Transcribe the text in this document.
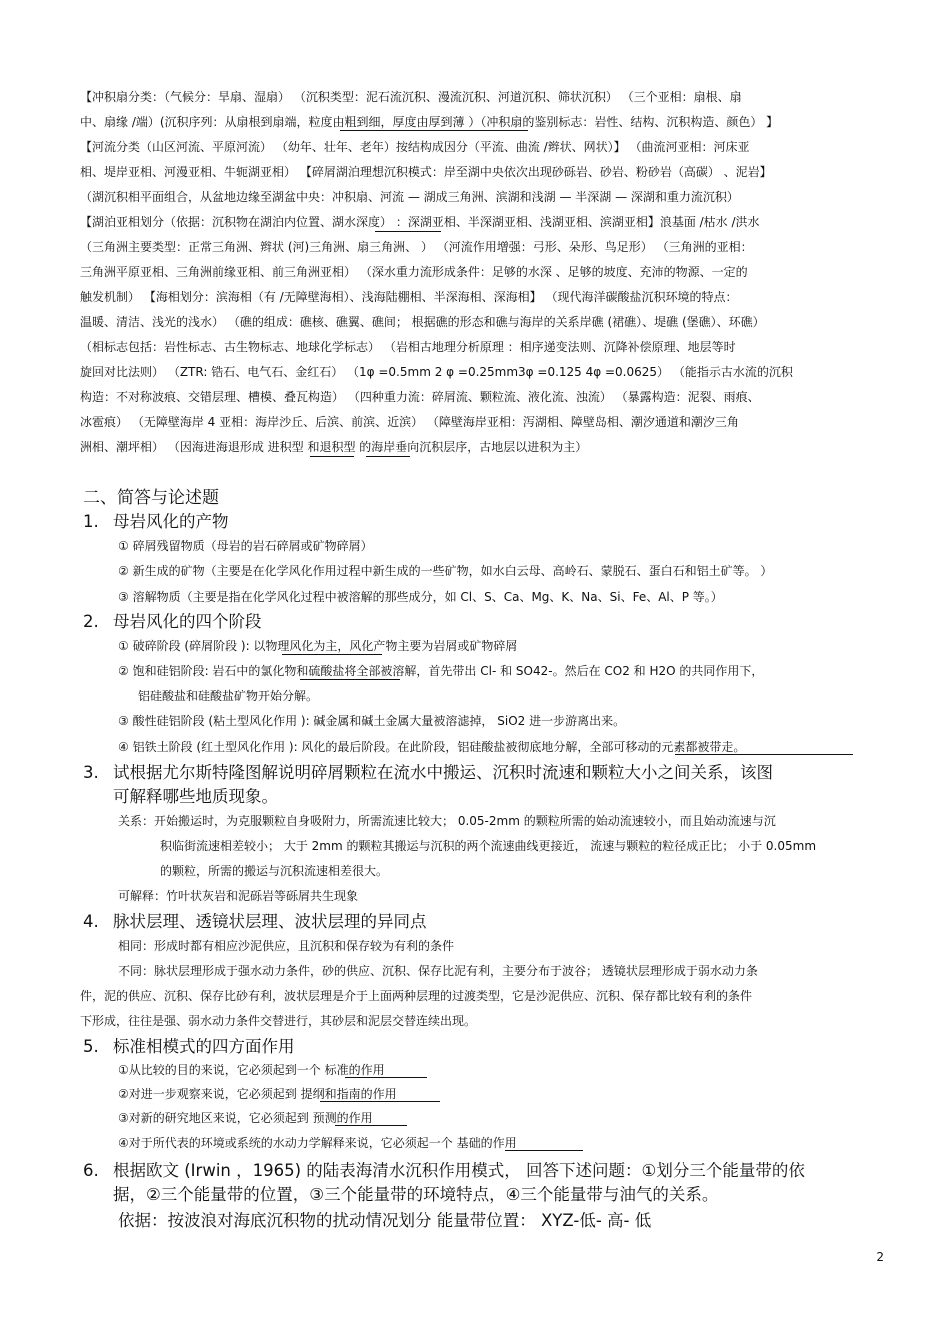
【冲积扇分类：（气候分：旱扇、湿扇） （沉积类型：泥石流沉积、漫流沉积、河道沉积、筛状沉积） （三个亚相：扇根、扇
中、扇缘 /端）(沉积序列：从扇根到扇端，粒度由粗到细，厚度由厚到薄 ）（冲积扇的鉴别标志：岩性、结构、沉积构造、颜色） 】
【河流分类（山区河流、平原河流） （幼年、壮年、老年）按结构成因分（平流、曲流 /辫状、网状）】 （曲流河亚相：河床亚
相、堤岸亚相、河漫亚相、牛轭湖亚相） 【碎屑湖泊理想沉积模式：岸至湖中央依次出现砂砾岩、砂岩、粉砂岩（高碳） 、泥岩】
（湖沉积相平面组合，从盆地边缘至湖盆中央：冲积扇、河流 — 湖成三角洲、滨湖和浅湖 — 半深湖 — 深湖和重力流沉积）
【湖泊亚相划分（依据：沉积物在湖泊内位置、湖水深度） ：深湖亚相、半深湖亚相、浅湖亚相、滨湖亚相】浪基面 /枯水 /洪水
（三角洲主要类型：正常三角洲、辫状 (河)三角洲、扇三角洲、 ） （河流作用增强：弓形、朵形、鸟足形） （三角洲的亚相：
三角洲平原亚相、三角洲前缘亚相、前三角洲亚相） （深水重力流形成条件：足够的水深 、足够的坡度、充沛的物源、一定的
触发机制） 【海相划分：滨海相（有 /无障壁海相）、浅海陆棚相、半深海相、深海相】 （现代海洋碳酸盐沉积环境的特点：
温暖、清洁、浅光的浅水） （礁的组成：礁核、礁翼、礁间； 根据礁的形态和礁与海岸的关系岸礁 (裙礁）、堤礁 (堡礁）、环礁）
（相标志包括：岩性标志、古生物标志、地球化学标志） （岩相古地理分析原理 ：相序递变法则、沉降补偿原理、地层等时
旋回对比法则） （ZTR: 锆石、电气石、金红石） （1φ =0.5mm 2 φ =0.25mm3φ =0.125 4φ =0.0625） （能指示古水流的沉积
构造：不对称波痕、交错层理、槽模、叠瓦构造） （四种重力流：碎屑流、颗粒流、液化流、浊流） （暴露构造：泥裂、雨痕、
冰雹痕） （无障壁海岸 4 亚相：海岸沙丘、后滨、前滨、近滨） （障壁海岸亚相：泻湖相、障壁岛相、潮汐通道和潮汐三角
洲相、潮坪相） （因海进海退形成 进积型 和退积型 的海岸垂向沉积层序，古地层以进积为主）
二、简答与论述题
1. 母岩风化的产物
① 碎屑残留物质（母岩的岩石碎屑或矿物碎屑）
② 新生成的矿物（主要是在化学风化作用过程中新生成的一些矿物，如水白云母、高岭石、蒙脱石、蛋白石和铝土矿等。 ）
③ 溶解物质（主要是指在化学风化过程中被溶解的那些成分，如 Cl、S、Ca、Mg、K、Na、Si、Fe、Al、P 等。）
2. 母岩风化的四个阶段
① 破碎阶段 (碎屑阶段 ): 以物理风化为主，风化产物主要为岩屑或矿物碎屑
② 饱和硅铝阶段: 岩石中的氯化物和硫酸盐将全部被溶解，首先带出 Cl- 和 SO42-。然后在 CO2 和 H2O 的共同作用下，
铝硅酸盐和硅酸盐矿物开始分解。
③ 酸性硅铝阶段 (粘土型风化作用 ): 碱金属和碱土金属大量被溶滤掉， SiO2 进一步游离出来。
④ 铝铁土阶段 (红土型风化作用 ): 风化的最后阶段。在此阶段，铝硅酸盐被彻底地分解，全部可移动的元素都被带走。
3. 试根据尤尔斯特隆图解说明碎屑颗粒在流水中搬运、沉积时流速和颗粒大小之间关系，该图
可解释哪些地质现象。
关系：开始搬运时，为克服颗粒自身吸附力，所需流速比较大； 0.05-2mm 的颗粒所需的始动流速较小，而且始动流速与沉
积临街流速相差较小； 大于 2mm 的颗粒其搬运与沉积的两个流速曲线更接近， 流速与颗粒的粒径成正比； 小于 0.05mm
的颗粒，所需的搬运与沉积流速相差很大。
可解释：竹叶状灰岩和泥砾岩等砾屑共生现象
4. 脉状层理、透镜状层理、波状层理的异同点
相同：形成时都有相应沙泥供应，且沉积和保存较为有利的条件
不同：脉状层理形成于强水动力条件，砂的供应、沉积、保存比泥有利，主要分布于波谷； 透镜状层理形成于弱水动力条
件，泥的供应、沉积、保存比砂有利，波状层理是介于上面两种层理的过渡类型，它是沙泥供应、沉积、保存都比较有利的条件
下形成，往往是强、弱水动力条件交替进行，其砂层和泥层交替连续出现。
5. 标准相模式的四方面作用
①从比较的目的来说，它必须起到一个 标准的作用
②对进一步观察来说，它必须起到 提纲和指南的作用
③对新的研究地区来说，它必须起到 预测的作用
④对于所代表的环境或系统的水动力学解释来说，它必须起一个 基础的作用
6. 根据欧文 (Irwin ，1965) 的陆表海清水沉积作用模式， 回答下述问题：①划分三个能量带的依
据，②三个能量带的位置，③三个能量带的环境特点，④三个能量带与油气的关系。
依据：按波浪对海底沉积物的扰动情况划分 能量带位置： XYZ-低- 高- 低
2
